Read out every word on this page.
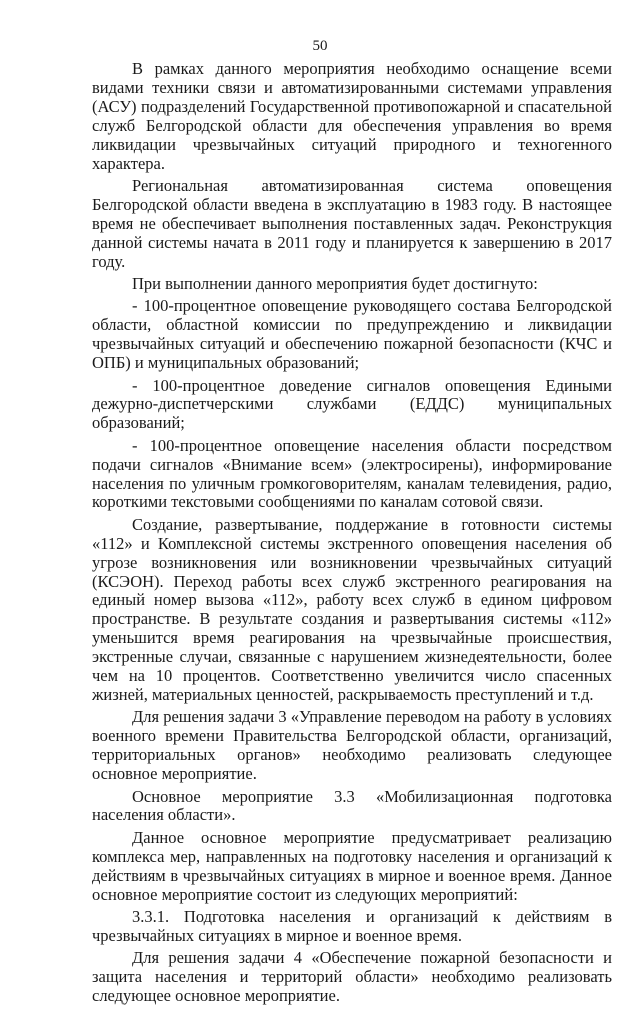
50

В рамках данного мероприятия необходимо оснащение всеми видами техники связи и автоматизированными системами управления (АСУ) подразделений Государственной противопожарной и спасательной служб Белгородской области для обеспечения управления во время ликвидации чрезвычайных ситуаций природного и техногенного характера.

Региональная автоматизированная система оповещения Белгородской области введена в эксплуатацию в 1983 году. В настоящее время не обеспечивает выполнения поставленных задач. Реконструкция данной системы начата в 2011 году и планируется к завершению в 2017 году.

При выполнении данного мероприятия будет достигнуто:

- 100-процентное оповещение руководящего состава Белгородской области, областной комиссии по предупреждению и ликвидации чрезвычайных ситуаций и обеспечению пожарной безопасности (КЧС и ОПБ) и муниципальных образований;

- 100-процентное доведение сигналов оповещения Едиными дежурно-диспетчерскими службами (ЕДДС) муниципальных образований;

- 100-процентное оповещение населения области посредством подачи сигналов «Внимание всем» (электросирены), информирование населения по уличным громкоговорителям, каналам телевидения, радио, короткими текстовыми сообщениями по каналам сотовой связи.

Создание, развертывание, поддержание в готовности системы «112» и Комплексной системы экстренного оповещения населения об угрозе возникновения или возникновении чрезвычайных ситуаций (КСЭОН). Переход работы всех служб экстренного реагирования на единый номер вызова «112», работу всех служб в едином цифровом пространстве. В результате создания и развертывания системы «112» уменьшится время реагирования на чрезвычайные происшествия, экстренные случаи, связанные с нарушением жизнедеятельности, более чем на 10 процентов. Соответственно увеличится число спасенных жизней, материальных ценностей, раскрываемость преступлений и т.д.

Для решения задачи 3 «Управление переводом на работу в условиях военного времени Правительства Белгородской области, организаций, территориальных органов» необходимо реализовать следующее основное мероприятие.

Основное мероприятие 3.3 «Мобилизационная подготовка населения области».

Данное основное мероприятие предусматривает реализацию комплекса мер, направленных на подготовку населения и организаций к действиям в чрезвычайных ситуациях в мирное и военное время. Данное основное мероприятие состоит из следующих мероприятий:

3.3.1. Подготовка населения и организаций к действиям в чрезвычайных ситуациях в мирное и военное время.

Для решения задачи 4 «Обеспечение пожарной безопасности и защита населения и территорий области» необходимо реализовать следующее основное мероприятие.
